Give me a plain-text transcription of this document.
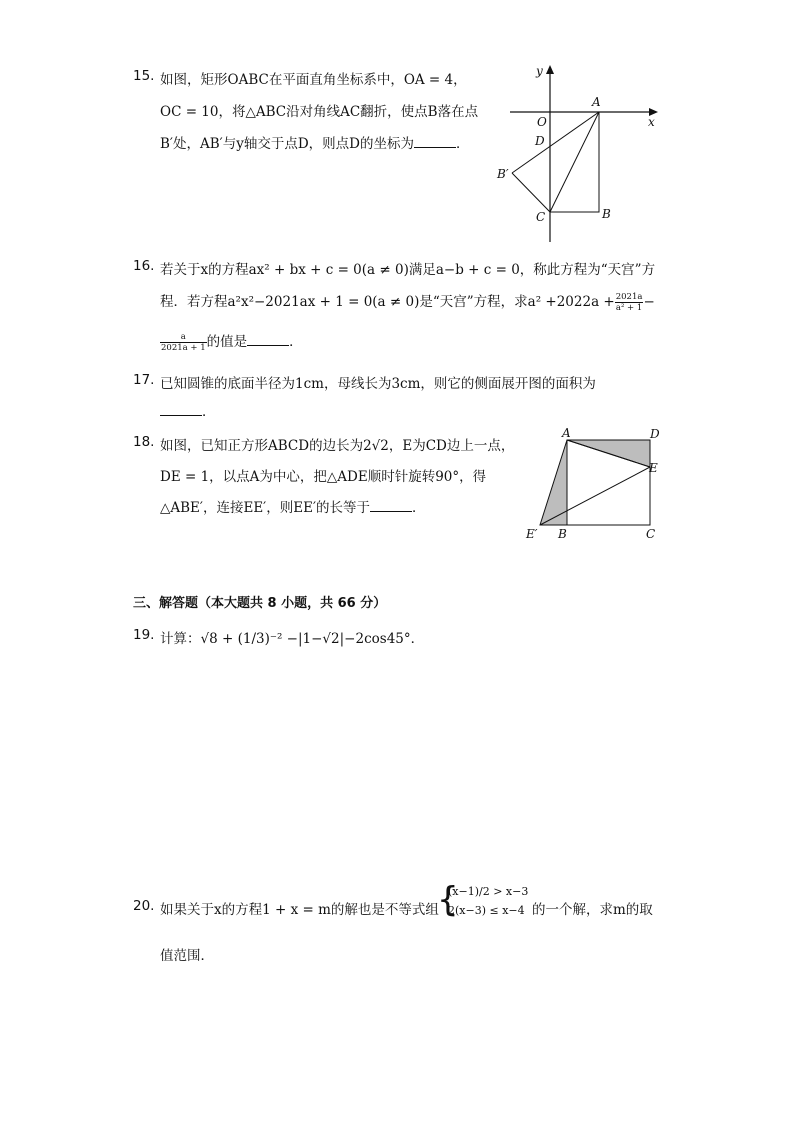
15. 如图，矩形OABC在平面直角坐标系中，OA = 4，
OC = 10，将△ABC沿对角线AC翻折，使点B落在点
B′处，AB′与y轴交于点D，则点D的坐标为	．
y
x
A
O
D
B′
C	B
16. 若关于x的方程ax² + bx + c = 0(a ≠ 0)满足a−b + c = 0，称此方程为“天宫”方
程．若方程a²x²−2021ax + 1 = 0(a ≠ 0)是“天宫”方程，求$a^2 +2022a + \frac{2021a}{\text{a² + 1}}$ −
$\frac{a}{2021a + 1}$ 的值是	．
17. 已知圆锥的底面半径为1cm，母线长为3cm，则它的侧面展开图的面积为
．
18. 如图，已知正方形ABCD的边长为2√2，E为CD边上一点，
DE = 1，以点A为中心，把△ADE顺时针旋转90°，得
△ABE′，连接EE′，则EE′的长等于	．
A	D
E
E′ B	C
三、解答题（本大题共 8 小题，共 66 分）
19. 计算：√8 + (1/3)⁻² −|1−√2|−2cos45°．
20. 如果关于x的方程1 + x = m的解也是不等式组
{
(x−1)/2 > x−3
2(x−3) ≤ x−4 的一个解，求m的取
值范围．
